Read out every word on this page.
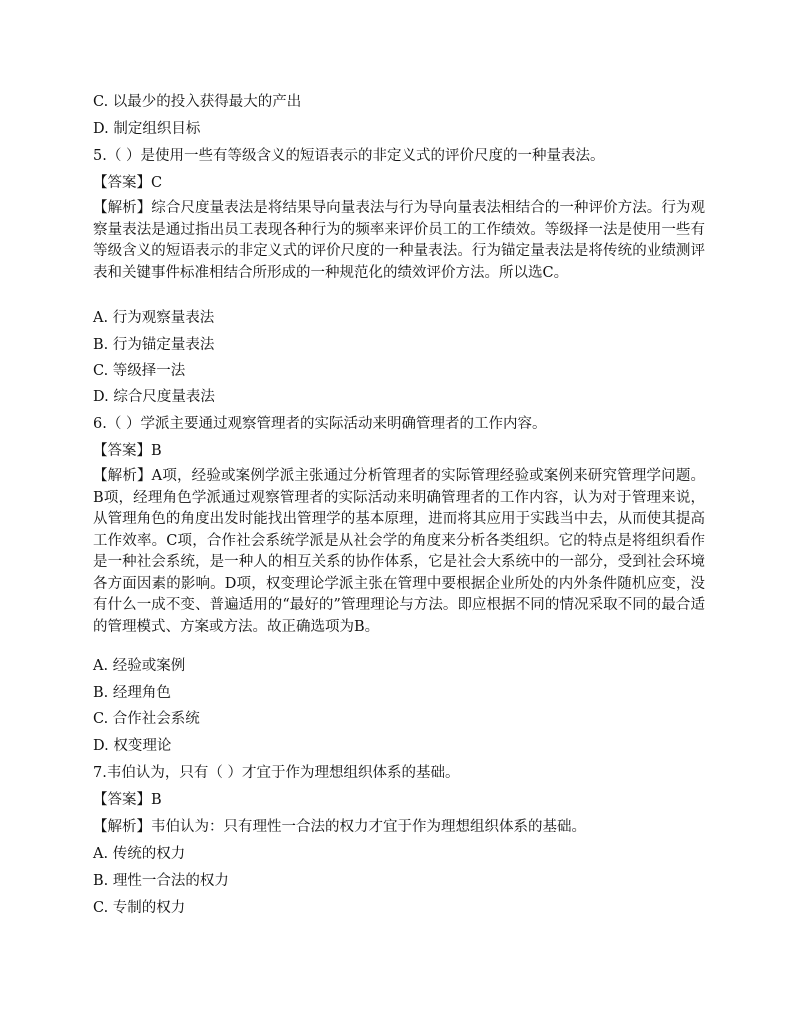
C. 以最少的投入获得最大的产出
D. 制定组织目标
5.（ ）是使用一些有等级含义的短语表示的非定义式的评价尺度的一种量表法。
【答案】C
【解析】综合尺度量表法是将结果导向量表法与行为导向量表法相结合的一种评价方法。行为观察量表法是通过指出员工表现各种行为的频率来评价员工的工作绩效。等级择一法是使用一些有等级含义的短语表示的非定义式的评价尺度的一种量表法。行为锚定量表法是将传统的业绩测评表和关键事件标准相结合所形成的一种规范化的绩效评价方法。所以选C。
A. 行为观察量表法
B. 行为锚定量表法
C. 等级择一法
D. 综合尺度量表法
6.（ ）学派主要通过观察管理者的实际活动来明确管理者的工作内容。
【答案】B
【解析】A项，经验或案例学派主张通过分析管理者的实际管理经验或案例来研究管理学问题。B项，经理角色学派通过观察管理者的实际活动来明确管理者的工作内容，认为对于管理来说，从管理角色的角度出发时能找出管理学的基本原理，进而将其应用于实践当中去，从而使其提高工作效率。C项，合作社会系统学派是从社会学的角度来分析各类组织。它的特点是将组织看作是一种社会系统，是一种人的相互关系的协作体系，它是社会大系统中的一部分，受到社会环境各方面因素的影响。D项，权变理论学派主张在管理中要根据企业所处的内外条件随机应变，没有什么一成不变、普遍适用的“最好的”管理理论与方法。即应根据不同的情况采取不同的最合适的管理模式、方案或方法。故正确选项为B。
A. 经验或案例
B. 经理角色
C. 合作社会系统
D. 权变理论
7.韦伯认为，只有（ ）才宜于作为理想组织体系的基础。
【答案】B
【解析】韦伯认为：只有理性一合法的权力才宜于作为理想组织体系的基础。
A. 传统的权力
B. 理性一合法的权力
C. 专制的权力
